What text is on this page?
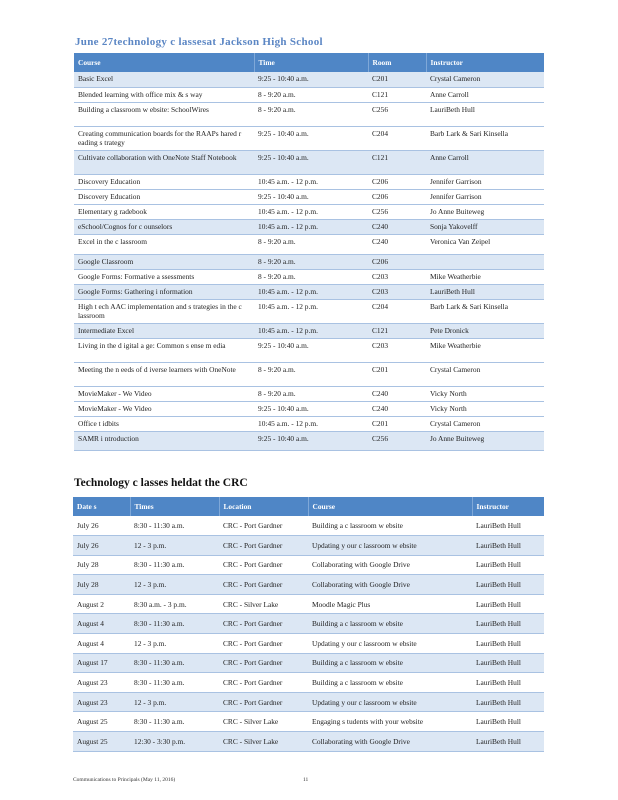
June 27technology c lassesat Jackson High School
Course	Time	Room	Instructor
Basic Excel	9:25 - 10:40 a.m.	C201	Crystal Cameron
Blended learning with office mix & s way	8 - 9:20 a.m.	C121	Anne Carroll
Building a classroom w ebsite: SchoolWires	8 - 9:20 a.m.	C256	LauriBeth Hull
Creating communication boards for the RAAPs hared r eading s trategy	9:25 - 10:40 a.m.	C204	Barb Lark & Sari Kinsella
Cultivate collaboration with OneNote Staff Notebook	9:25 - 10:40 a.m.	C121	Anne Carroll
Discovery Education	10:45 a.m. - 12 p.m.	C206	Jennifer Garrison
Discovery Education	9:25 - 10:40 a.m.	C206	Jennifer Garrison
Elementary g radebook	10:45 a.m. - 12 p.m.	C256	Jo Anne Buiteweg
eSchool/Cognos for c ounselors	10:45 a.m. - 12 p.m.	C240	Sonja Yakovelff
Excel in the c lassroom	8 - 9:20 a.m.	C240	Veronica Van Zeipel
Google Classroom	8 - 9:20 a.m.	C206	
Google Forms: Formative a ssessments	8 - 9:20 a.m.	C203	Mike Weatherbie
Google Forms: Gathering i nformation	10:45 a.m. - 12 p.m.	C203	LauriBeth Hull
High t ech AAC implementation and s trategies in the c lassroom	10:45 a.m. - 12 p.m.	C204	Barb Lark & Sari Kinsella
Intermediate Excel	10:45 a.m. - 12 p.m.	C121	Pete Dronick
Living in the d igital a ge: Common s ense m edia	9:25 - 10:40 a.m.	C203	Mike Weatherbie
Meeting the n eeds of d iverse learners with OneNote	8 - 9:20 a.m.	C201	Crystal Cameron
MovieMaker - We Video	8 - 9:20 a.m.	C240	Vicky North
MovieMaker - We Video	9:25 - 10:40 a.m.	C240	Vicky North
Office t idbits	10:45 a.m. - 12 p.m.	C201	Crystal Cameron
SAMR i ntroduction	9:25 - 10:40 a.m.	C256	Jo Anne Buiteweg
Technology c lasses heldat the CRC
Date s	Times	Location	Course	Instructor
July 26	8:30 - 11:30 a.m.	CRC - Port Gardner	Building a c lassroom w ebsite	LauriBeth Hull
July 26	12 - 3 p.m.	CRC - Port Gardner	Updating y our c lassroom w ebsite	LauriBeth Hull
July 28	8:30 - 11:30 a.m.	CRC - Port Gardner	Collaborating with Google Drive	LauriBeth Hull
July 28	12 - 3 p.m.	CRC - Port Gardner	Collaborating with Google Drive	LauriBeth Hull
August 2	8:30 a.m. - 3 p.m.	CRC - Silver Lake	Moodle Magic Plus	LauriBeth Hull
August 4	8:30 - 11:30 a.m.	CRC - Port Gardner	Building a c lassroom w ebsite	LauriBeth Hull
August 4	12 - 3 p.m.	CRC - Port Gardner	Updating y our c lassroom w ebsite	LauriBeth Hull
August 17	8:30 - 11:30 a.m.	CRC - Port Gardner	Building a c lassroom w ebsite	LauriBeth Hull
August 23	8:30 - 11:30 a.m.	CRC - Port Gardner	Building a c lassroom w ebsite	LauriBeth Hull
August 23	12 - 3 p.m.	CRC - Port Gardner	Updating y our c lassroom w ebsite	LauriBeth Hull
August 25	8:30 - 11:30 a.m.	CRC - Silver Lake	Engaging s tudents with your website	LauriBeth Hull
August 25	12:30 - 3:30 p.m.	CRC - Silver Lake	Collaborating with Google Drive	LauriBeth Hull
Communications to Principals (May 11, 2016)	11
